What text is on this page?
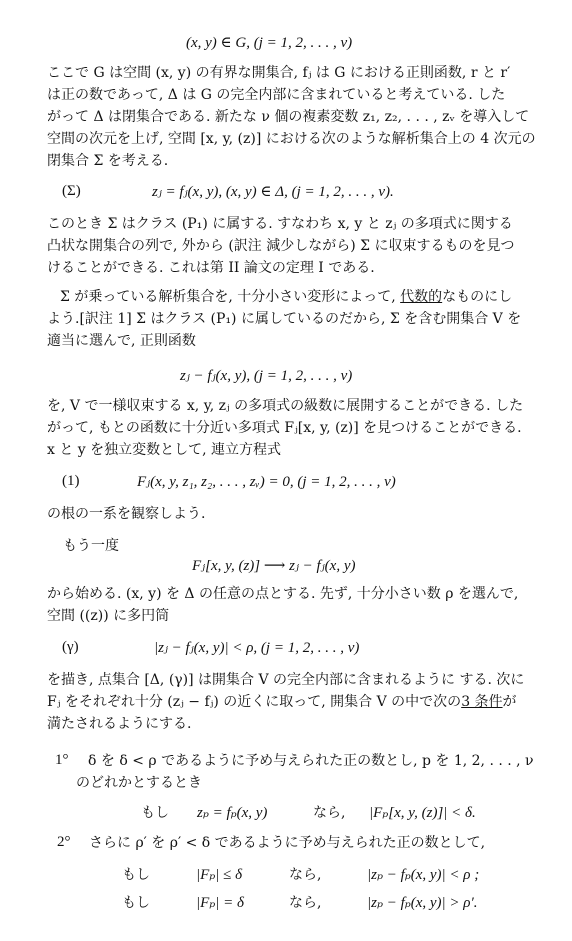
(x, y) ∈ G, (j = 1, 2, . . . , ν)
ここで G は空間 (x, y) の有界な開集合, fⱼ は G における正則函数, r と r′
は正の数であって, Δ は G の完全内部に含まれていると考えている. した
がって Δ は閉集合である. 新たな ν 個の複素変数 z₁, z₂, . . . , zᵥ を導入して
空間の次元を上げ, 空間 [x, y, (z)] における次のような解析集合上の 4 次元の
閉集合 Σ を考える.
(Σ)	zⱼ = fⱼ(x, y), (x, y) ∈ Δ, (j = 1, 2, . . . , ν).
このとき Σ はクラス (P₁) に属する. すなわち x, y と zⱼ の多項式に関する
凸状な開集合の列で, 外から (訳注 減少しながら) Σ に収束するものを見つ
けることができる. これは第 II 論文の定理 I である.
Σ が乗っている解析集合を, 十分小さい変形によって, 代数的なものにし
よう.[訳注 1] Σ はクラス (P₁) に属しているのだから, Σ を含む開集合 V を
適当に選んで, 正則函数
zⱼ − fⱼ(x, y), (j = 1, 2, . . . , ν)
を, V で一様収束する x, y, zⱼ の多項式の級数に展開することができる. した
がって, もとの函数に十分近い多項式 Fⱼ[x, y, (z)] を見つけることができる.
x と y を独立変数として, 連立方程式
(1)	Fⱼ(x, y, z₁, z₂, . . . , zᵥ) = 0, (j = 1, 2, . . . , ν)
の根の一系を観察しよう.
もう一度
Fⱼ[x, y, (z)] ⟶ zⱼ − fⱼ(x, y)
から始める. (x, y) を Δ の任意の点とする. 先ず, 十分小さい数 ρ を選んで,
空間 ((z)) に多円筒
(γ)	|zⱼ − fⱼ(x, y)| < ρ, (j = 1, 2, . . . , ν)
を描き, 点集合 [Δ, (γ)] は開集合 V の完全内部に含まれるように する. 次に
Fⱼ をそれぞれ十分 (zⱼ − fⱼ) の近くに取って, 開集合 V の中で次の3 条件が
満たされるようにする.
1° δ を δ < ρ であるように予め与えられた正の数とし, p を 1, 2, . . . , ν
のどれかとするとき
もし zₚ = fₚ(x, y)	なら, |Fₚ[x, y, (z)]| < δ.
2° さらに ρ′ を ρ′ < δ であるように予め与えられた正の数として,
もし	|Fₚ| ≤ δ	なら,	|zₚ − fₚ(x, y)| < ρ ;
もし	|Fₚ| = δ	なら,	|zₚ − fₚ(x, y)| > ρ′.
